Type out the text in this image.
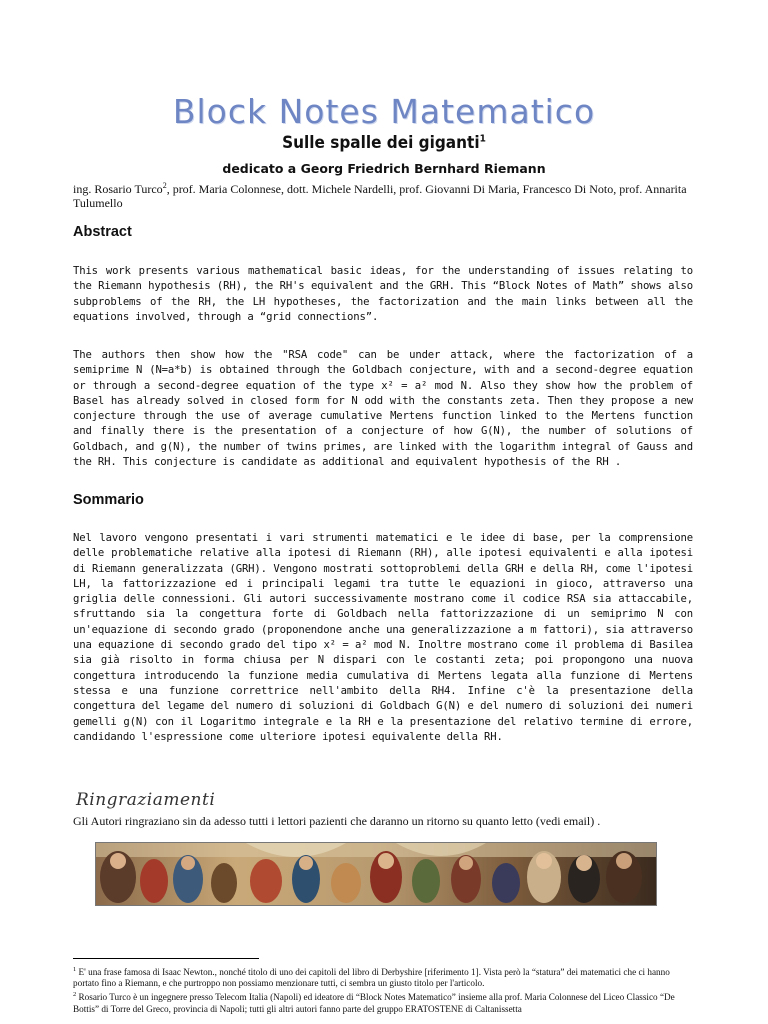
Block Notes Matematico
Sulle spalle dei giganti$^1$
dedicato a Georg Friedrich Bernhard Riemann
ing. Rosario Turco$^2$, prof. Maria Colonnese, dott. Michele Nardelli, prof. Giovanni Di Maria, Francesco Di Noto, prof. Annarita Tulumello
Abstract

This work presents various mathematical basic ideas, for the understanding of issues relating to the Riemann hypothesis (RH), the RH's equivalent and the GRH. This “Block Notes of Math” shows also subproblems of the RH, the LH hypotheses, the factorization and the main links between all the equations involved, through a “grid connections”.

The authors then show how the "RSA code" can be under attack, where the factorization of a semiprime N (N=a*b) is obtained through the Goldbach conjecture, with and a second-degree equation or through a second-degree equation of the type x² = a² mod N. Also they show how the problem of Basel has already solved in closed form for N odd with the constants zeta. Then they propose a new conjecture through the use of average cumulative Mertens function linked to the Mertens function and finally there is the presentation of a conjecture of how G(N), the number of solutions of Goldbach, and g(N), the number of twins primes, are linked with the logarithm integral of Gauss and the RH. This conjecture is candidate as additional and equivalent hypothesis of the RH .

Sommario

Nel lavoro vengono presentati i vari strumenti matematici e le idee di base, per la comprensione delle problematiche relative alla ipotesi di Riemann (RH), alle ipotesi equivalenti e alla ipotesi di Riemann generalizzata (GRH). Vengono mostrati sottoproblemi della GRH e della RH, come l'ipotesi LH, la fattorizzazione ed i principali legami tra tutte le equazioni in gioco, attraverso una griglia delle connessioni. Gli autori successivamente mostrano come il codice RSA sia attaccabile, sfruttando sia la congettura forte di Goldbach nella fattorizzazione di un semiprimo N con un'equazione di secondo grado (proponendone anche una generalizzazione a m fattori), sia attraverso una equazione di secondo grado del tipo x² = a² mod N. Inoltre mostrano come il problema di Basilea sia già risolto in forma chiusa per N dispari con le costanti zeta; poi propongono una nuova congettura introducendo la funzione media cumulativa di Mertens legata alla funzione di Mertens stessa e una funzione correttrice nell'ambito della RH4. Infine c'è la presentazione della congettura del legame del numero di soluzioni di Goldbach G(N) e del numero di soluzioni dei numeri gemelli g(N) con il Logaritmo integrale e la RH e la presentazione del relativo termine di errore, candidando l'espressione come ulteriore ipotesi equivalente della RH.

Ringraziamenti
Gli Autori ringraziano sin da adesso tutti i lettori pazienti che daranno un ritorno su quanto letto (vedi email) .

$^1$ E' una frase famosa di Isaac Newton., nonché titolo di uno dei capitoli del libro di Derbyshire [riferimento 1]. Vista però la “statura” dei matematici che ci hanno portato fino a Riemann, e che purtroppo non possiamo menzionare tutti, ci sembra un giusto titolo per l'articolo.

$^2$ Rosario Turco è un ingegnere presso Telecom Italia (Napoli) ed ideatore di “Block Notes Matematico” insieme alla prof. Maria Colonnese del Liceo Classico “De Bottis” di Torre del Greco, provincia di Napoli; tutti gli altri autori fanno parte del gruppo ERATOSTENE di Caltanissetta
